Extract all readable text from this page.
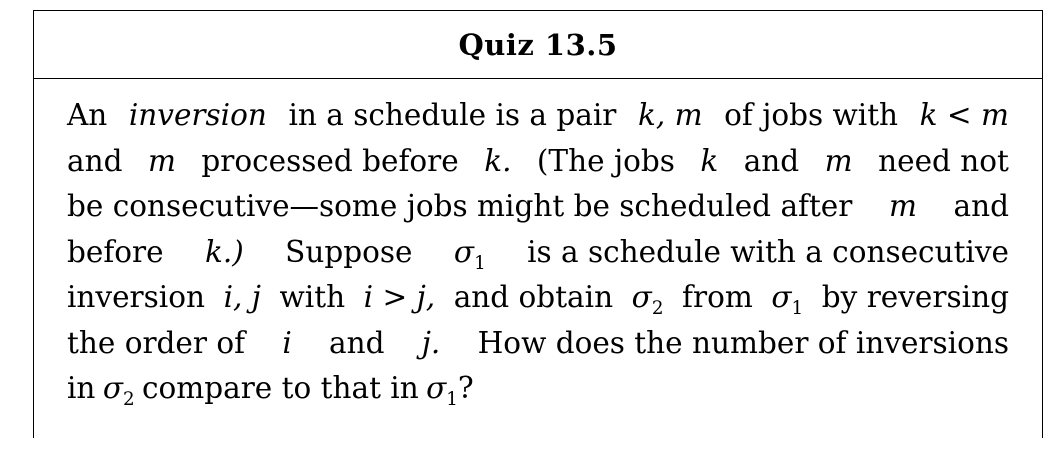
Quiz 13.5
An inversion in a schedule is a pair k, m of jobs with k < m
and m processed before k. (The jobs k and m need not
be consecutive—some jobs might be scheduled after m and
before k.) Suppose $\sigma_1$ is a schedule with a consecutive
inversion i, j with i > j, and obtain $\sigma_2$ from $\sigma_1$ by reversing
the order of i and j. How does the number of inversions
in $\sigma_2$ compare to that in $\sigma_1$?
